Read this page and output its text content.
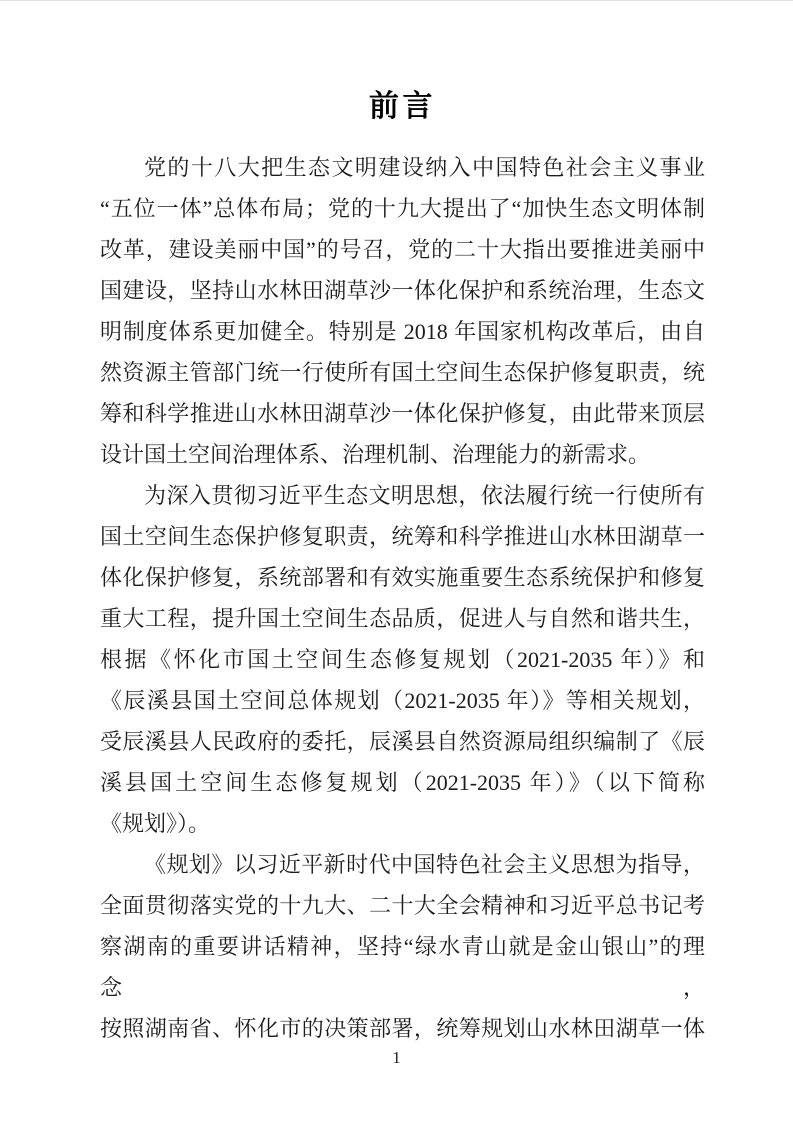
前言

党的十八大把生态文明建设纳入中国特色社会主义事业
“五位一体”总体布局；党的十九大提出了“加快生态文明体制
改革，建设美丽中国”的号召，党的二十大指出要推进美丽中
国建设，坚持山水林田湖草沙一体化保护和系统治理，生态文
明制度体系更加健全。特别是 2018 年国家机构改革后，由自
然资源主管部门统一行使所有国土空间生态保护修复职责，统
筹和科学推进山水林田湖草沙一体化保护修复，由此带来顶层
设计国土空间治理体系、治理机制、治理能力的新需求。

为深入贯彻习近平生态文明思想，依法履行统一行使所有
国土空间生态保护修复职责，统筹和科学推进山水林田湖草一
体化保护修复，系统部署和有效实施重要生态系统保护和修复
重大工程，提升国土空间生态品质，促进人与自然和谐共生，
根据《怀化市国土空间生态修复规划（2021-2035 年）》和
《辰溪县国土空间总体规划（2021-2035 年）》等相关规划，
受辰溪县人民政府的委托，辰溪县自然资源局组织编制了《辰
溪县国土空间生态修复规划（2021-2035 年）》（以下简称
《规划》）。

《规划》以习近平新时代中国特色社会主义思想为指导，
全面贯彻落实党的十九大、二十大全会精神和习近平总书记考
察湖南的重要讲话精神，坚持“绿水青山就是金山银山”的理念，
按照湖南省、怀化市的决策部署，统筹规划山水林田湖草一体

1
